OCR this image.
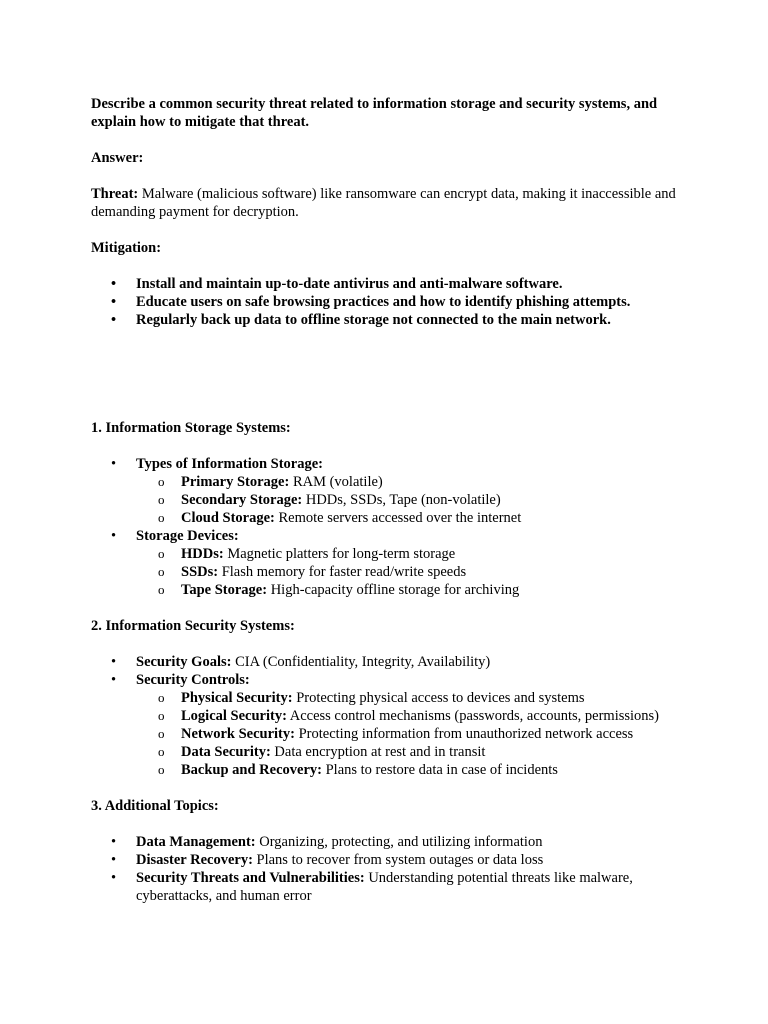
Describe a common security threat related to information storage and security systems, and explain how to mitigate that threat.

Answer:

Threat: Malware (malicious software) like ransomware can encrypt data, making it inaccessible and demanding payment for decryption.

Mitigation:

• Install and maintain up-to-date antivirus and anti-malware software.
• Educate users on safe browsing practices and how to identify phishing attempts.
• Regularly back up data to offline storage not connected to the main network.

1. Information Storage Systems:

• Types of Information Storage:
o Primary Storage: RAM (volatile)
o Secondary Storage: HDDs, SSDs, Tape (non-volatile)
o Cloud Storage: Remote servers accessed over the internet
• Storage Devices:
o HDDs: Magnetic platters for long-term storage
o SSDs: Flash memory for faster read/write speeds
o Tape Storage: High-capacity offline storage for archiving

2. Information Security Systems:

• Security Goals: CIA (Confidentiality, Integrity, Availability)
• Security Controls:
o Physical Security: Protecting physical access to devices and systems
o Logical Security: Access control mechanisms (passwords, accounts, permissions)
o Network Security: Protecting information from unauthorized network access
o Data Security: Data encryption at rest and in transit
o Backup and Recovery: Plans to restore data in case of incidents

3. Additional Topics:

• Data Management: Organizing, protecting, and utilizing information
• Disaster Recovery: Plans to recover from system outages or data loss
• Security Threats and Vulnerabilities: Understanding potential threats like malware, cyberattacks, and human error
